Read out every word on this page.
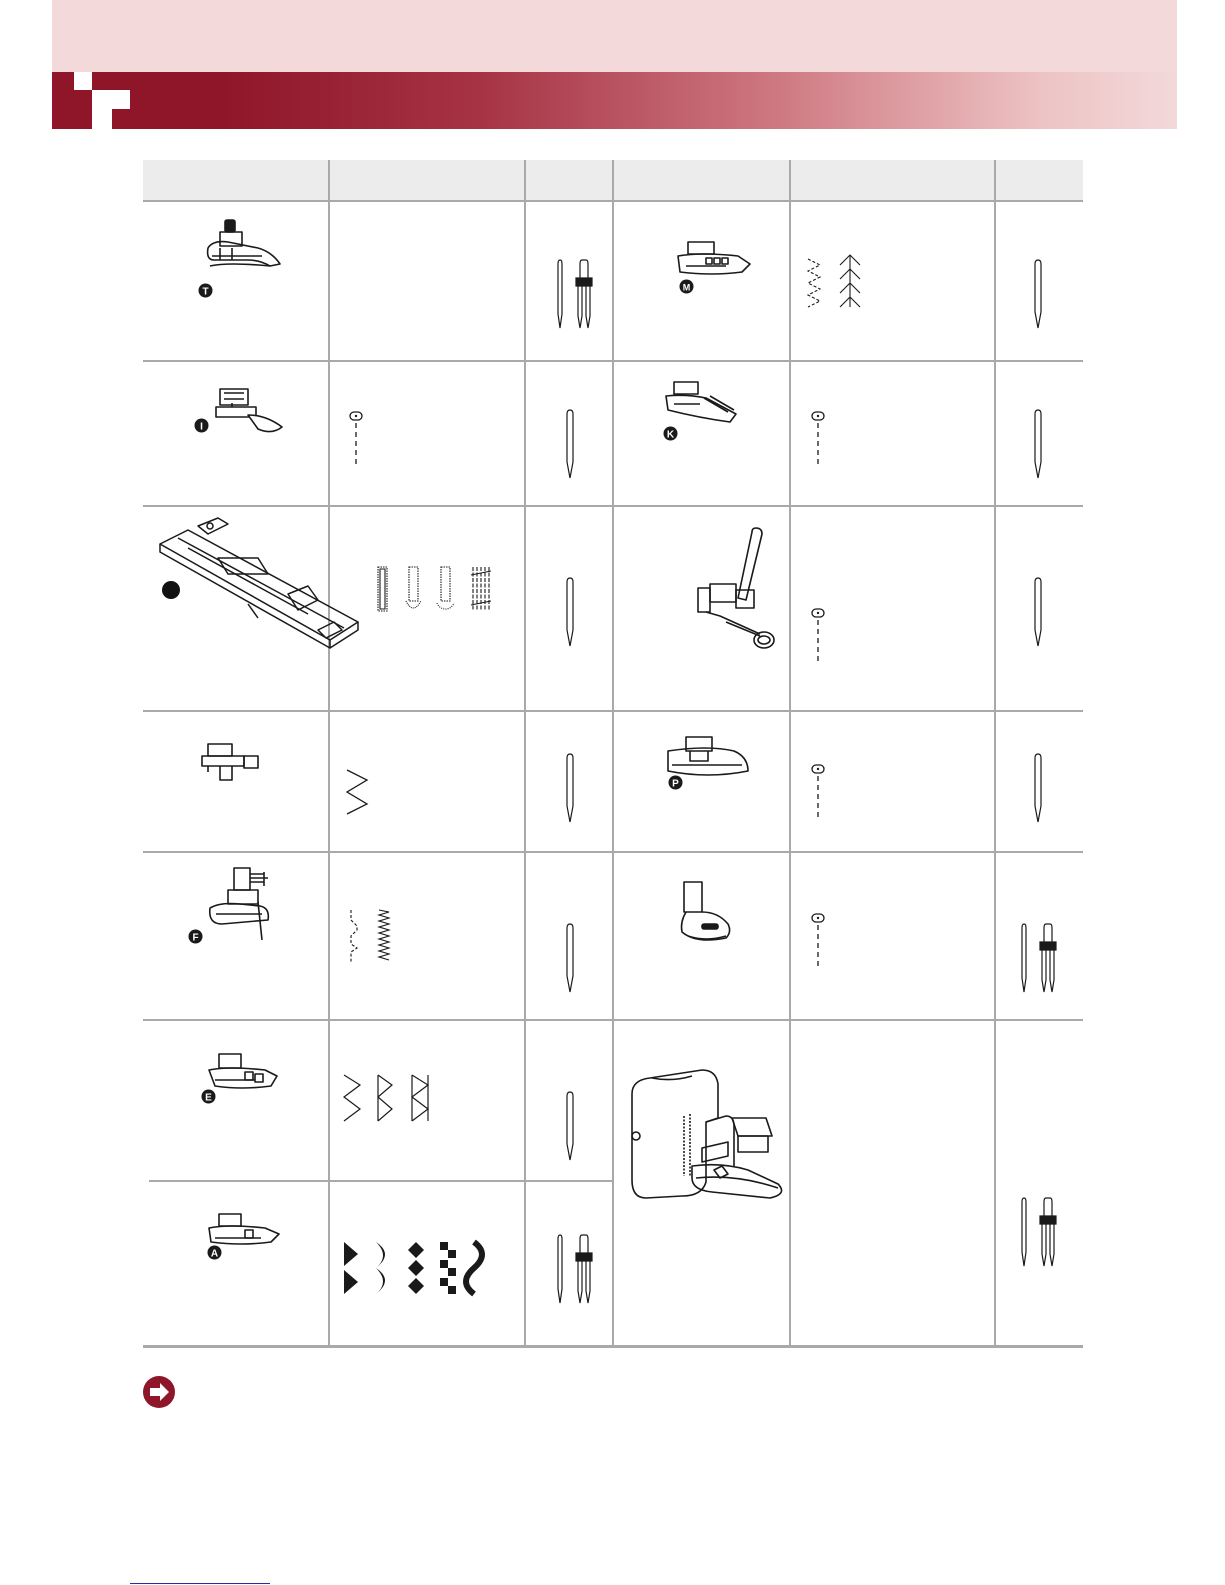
T
I
F
E
A
M
K
P
